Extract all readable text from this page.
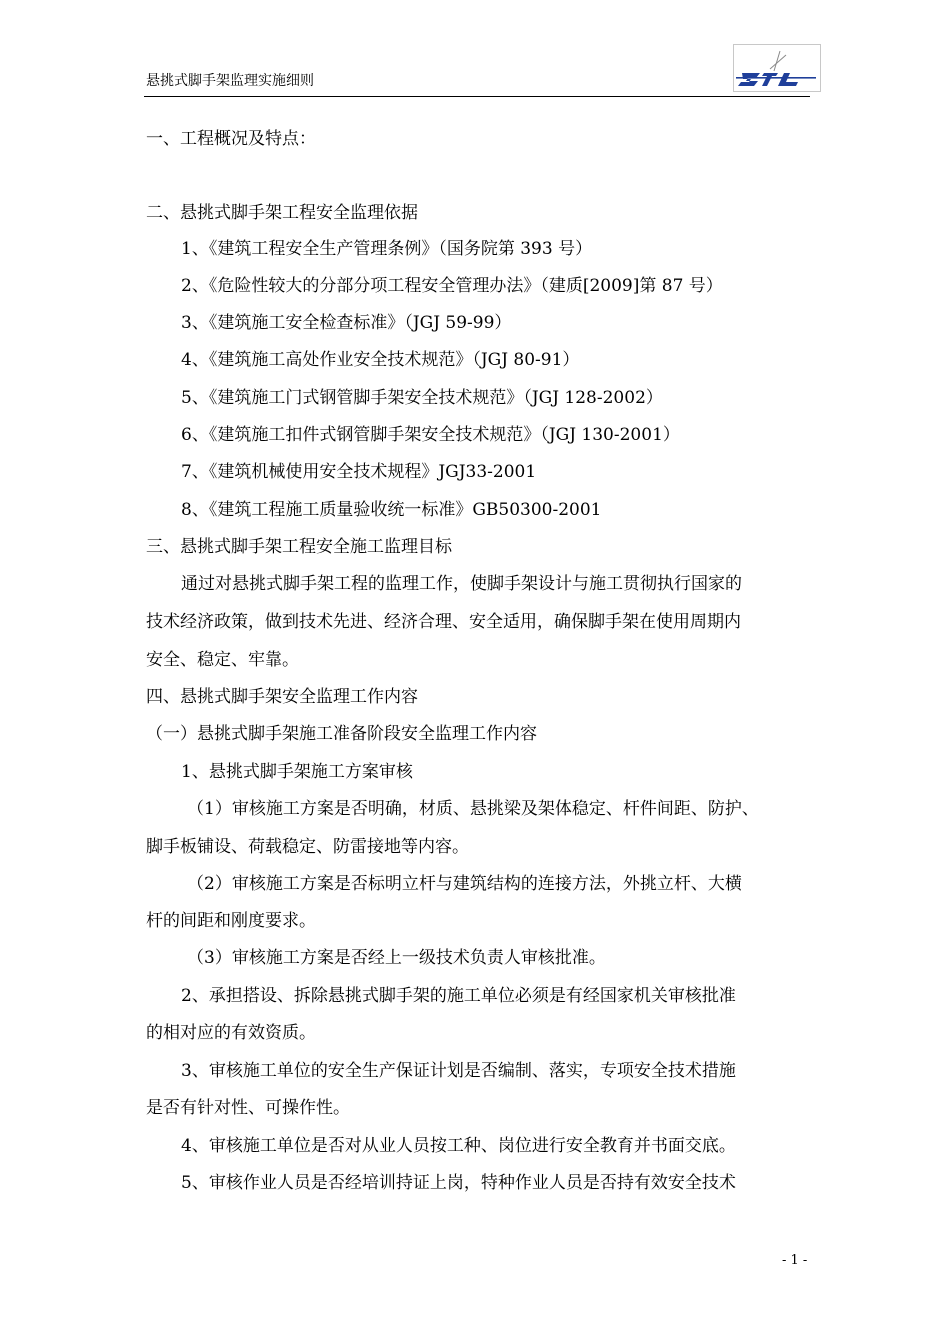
悬挑式脚手架监理实施细则
一、工程概况及特点：
二、悬挑式脚手架工程安全监理依据
1、《建筑工程安全生产管理条例》（国务院第 393 号）
2、《危险性较大的分部分项工程安全管理办法》（建质[2009]第 87 号）
3、《建筑施工安全检查标准》（JGJ 59-99）
4、《建筑施工高处作业安全技术规范》（JGJ 80-91）
5、《建筑施工门式钢管脚手架安全技术规范》（JGJ 128-2002）
6、《建筑施工扣件式钢管脚手架安全技术规范》（JGJ 130-2001）
7、《建筑机械使用安全技术规程》JGJ33-2001
8、《建筑工程施工质量验收统一标准》GB50300-2001
三、悬挑式脚手架工程安全施工监理目标
通过对悬挑式脚手架工程的监理工作，使脚手架设计与施工贯彻执行国家的
技术经济政策，做到技术先进、经济合理、安全适用，确保脚手架在使用周期内
安全、稳定、牢靠。
四、悬挑式脚手架安全监理工作内容
（一）悬挑式脚手架施工准备阶段安全监理工作内容
1、悬挑式脚手架施工方案审核
（1）审核施工方案是否明确，材质、悬挑梁及架体稳定、杆件间距、防护、
脚手板铺设、荷载稳定、防雷接地等内容。
（2）审核施工方案是否标明立杆与建筑结构的连接方法，外挑立杆、大横
杆的间距和刚度要求。
（3）审核施工方案是否经上一级技术负责人审核批准。
2、承担搭设、拆除悬挑式脚手架的施工单位必须是有经国家机关审核批准
的相对应的有效资质。
3、审核施工单位的安全生产保证计划是否编制、落实，专项安全技术措施
是否有针对性、可操作性。
4、审核施工单位是否对从业人员按工种、岗位进行安全教育并书面交底。
5、审核作业人员是否经培训持证上岗，特种作业人员是否持有效安全技术
- 1 -
